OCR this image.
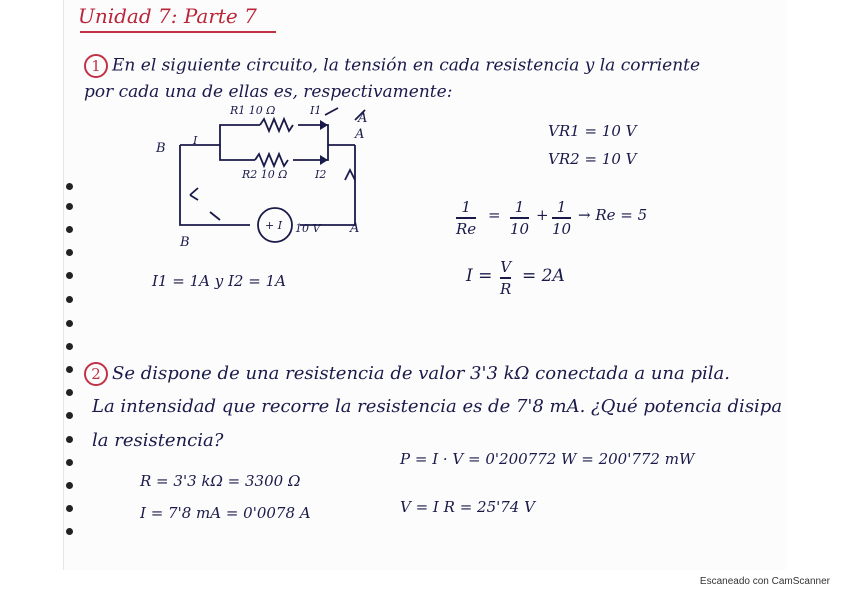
Unidad 7: Parte 7
1 En el siguiente circuito, la tensión en cada resistencia y la corriente
por cada una de ellas es, respectivamente:
R1 10 Ω
R2 10 Ω
I1
I2
I
+ I 10 V
B
B
A
A
A
VR1 = 10 V
VR2 = 10 V
1
Re
= 1
10
+ 1
10
→ Re = 5
I1 = 1A y I2 = 1A	I = V
R
= 2A
2 Se dispone de una resistencia de valor 3'3 kΩ conectada a una pila.
La intensidad que recorre la resistencia es de 7'8 mA. ¿Qué potencia disipa
la resistencia?
R = 3'3 kΩ = 3300 Ω
I = 7'8 mA = 0'0078 A
P = I · V = 0'200772 W = 200'772 mW
V = I R = 25'74 V
Escaneado con CamScanner
